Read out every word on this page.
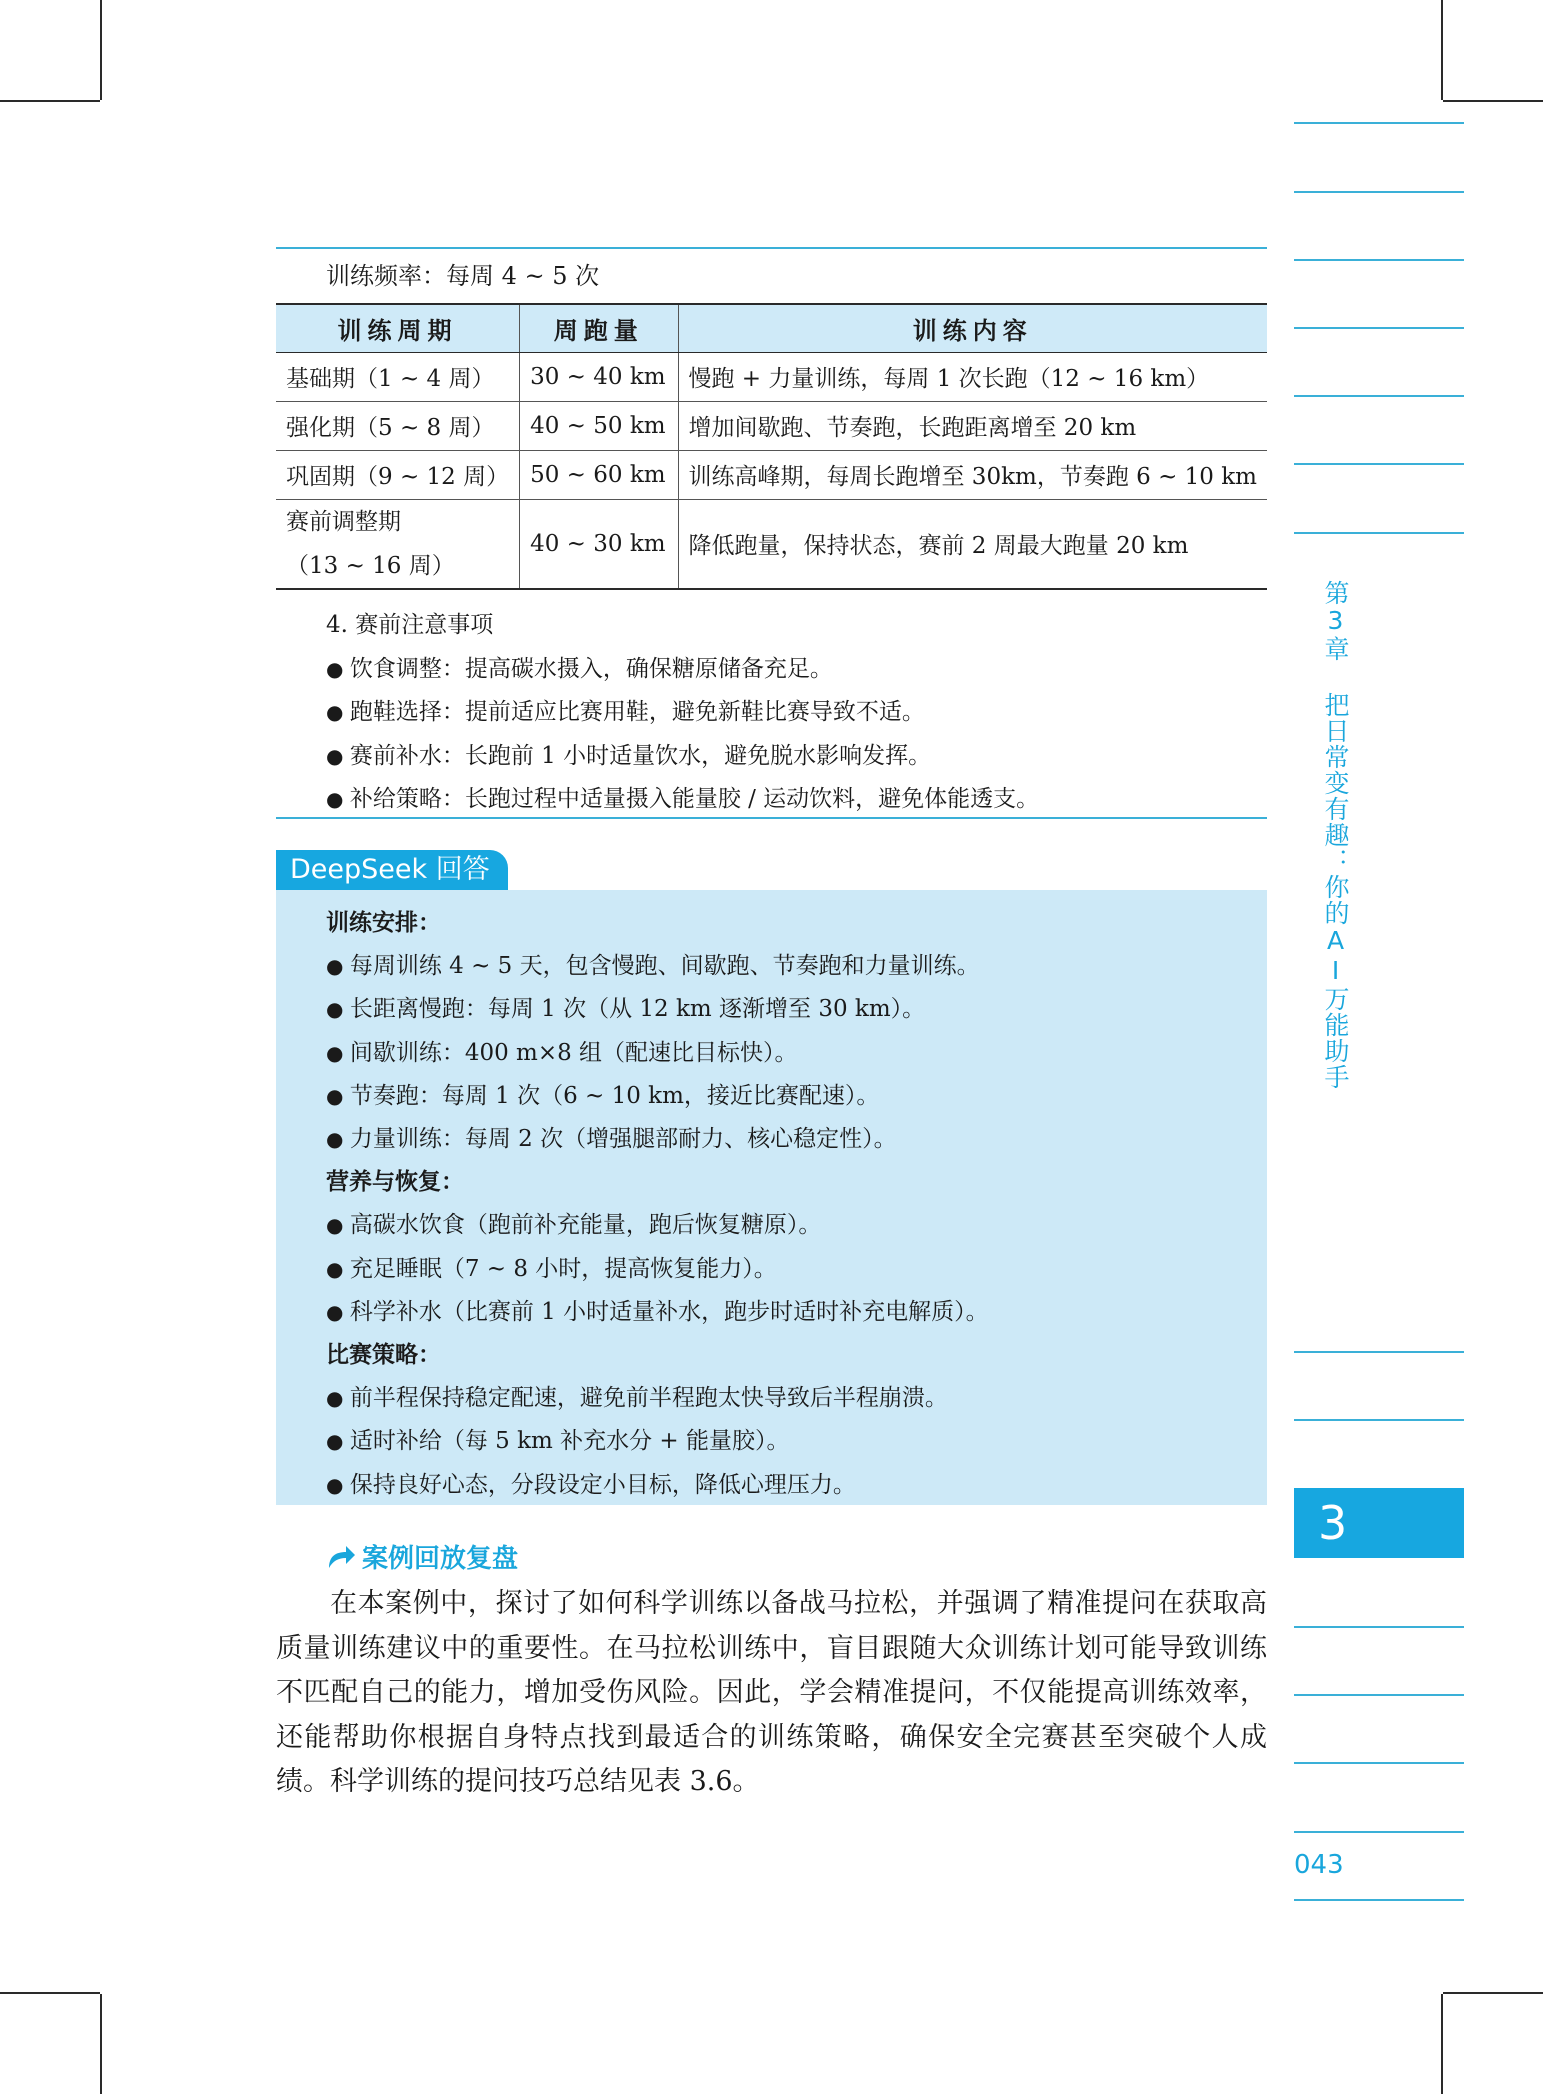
第3章 把日常变有趣：你的AI万能助手
3
043
训练频率：每周 4 ~ 5 次
训练周期	周跑量	训练内容
基础期（1 ~ 4 周）	30 ~ 40 km	慢跑 + 力量训练，每周 1 次长跑（12 ~ 16 km）
强化期（5 ~ 8 周）	40 ~ 50 km	增加间歇跑、节奏跑，长跑距离增至 20 km
巩固期（9 ~ 12 周）	50 ~ 60 km	训练高峰期，每周长跑增至 30km，节奏跑 6 ~ 10 km

赛前调整期
（13 ~ 16 周）	40 ~ 30 km	降低跑量，保持状态，赛前 2 周最大跑量 20 km
4. 赛前注意事项
● 饮食调整：提高碳水摄入，确保糖原储备充足。
● 跑鞋选择：提前适应比赛用鞋，避免新鞋比赛导致不适。
● 赛前补水：长跑前 1 小时适量饮水，避免脱水影响发挥。
● 补给策略：长跑过程中适量摄入能量胶 / 运动饮料，避免体能透支。
DeepSeek 回答
训练安排：
● 每周训练 4 ~ 5 天，包含慢跑、间歇跑、节奏跑和力量训练。
● 长距离慢跑：每周 1 次（从 12 km 逐渐增至 30 km）。
● 间歇训练：400 m×8 组（配速比目标快）。
● 节奏跑：每周 1 次（6 ~ 10 km，接近比赛配速）。
● 力量训练：每周 2 次（增强腿部耐力、核心稳定性）。
营养与恢复：
● 高碳水饮食（跑前补充能量，跑后恢复糖原）。
● 充足睡眠（7 ~ 8 小时，提高恢复能力）。
● 科学补水（比赛前 1 小时适量补水，跑步时适时补充电解质）。
比赛策略：
● 前半程保持稳定配速，避免前半程跑太快导致后半程崩溃。
● 适时补给（每 5 km 补充水分 + 能量胶）。
● 保持良好心态，分段设定小目标，降低心理压力。
案例回放复盘
在本案例中，探讨了如何科学训练以备战马拉松，并强调了精准提问在获取高质量训练建议中的重要性。在马拉松训练中，盲目跟随大众训练计划可能导致训练不匹配自己的能力，增加受伤风险。因此，学会精准提问，不仅能提高训练效率，还能帮助你根据自身特点找到最适合的训练策略，确保安全完赛甚至突破个人成绩。科学训练的提问技巧总结见表 3.6。
